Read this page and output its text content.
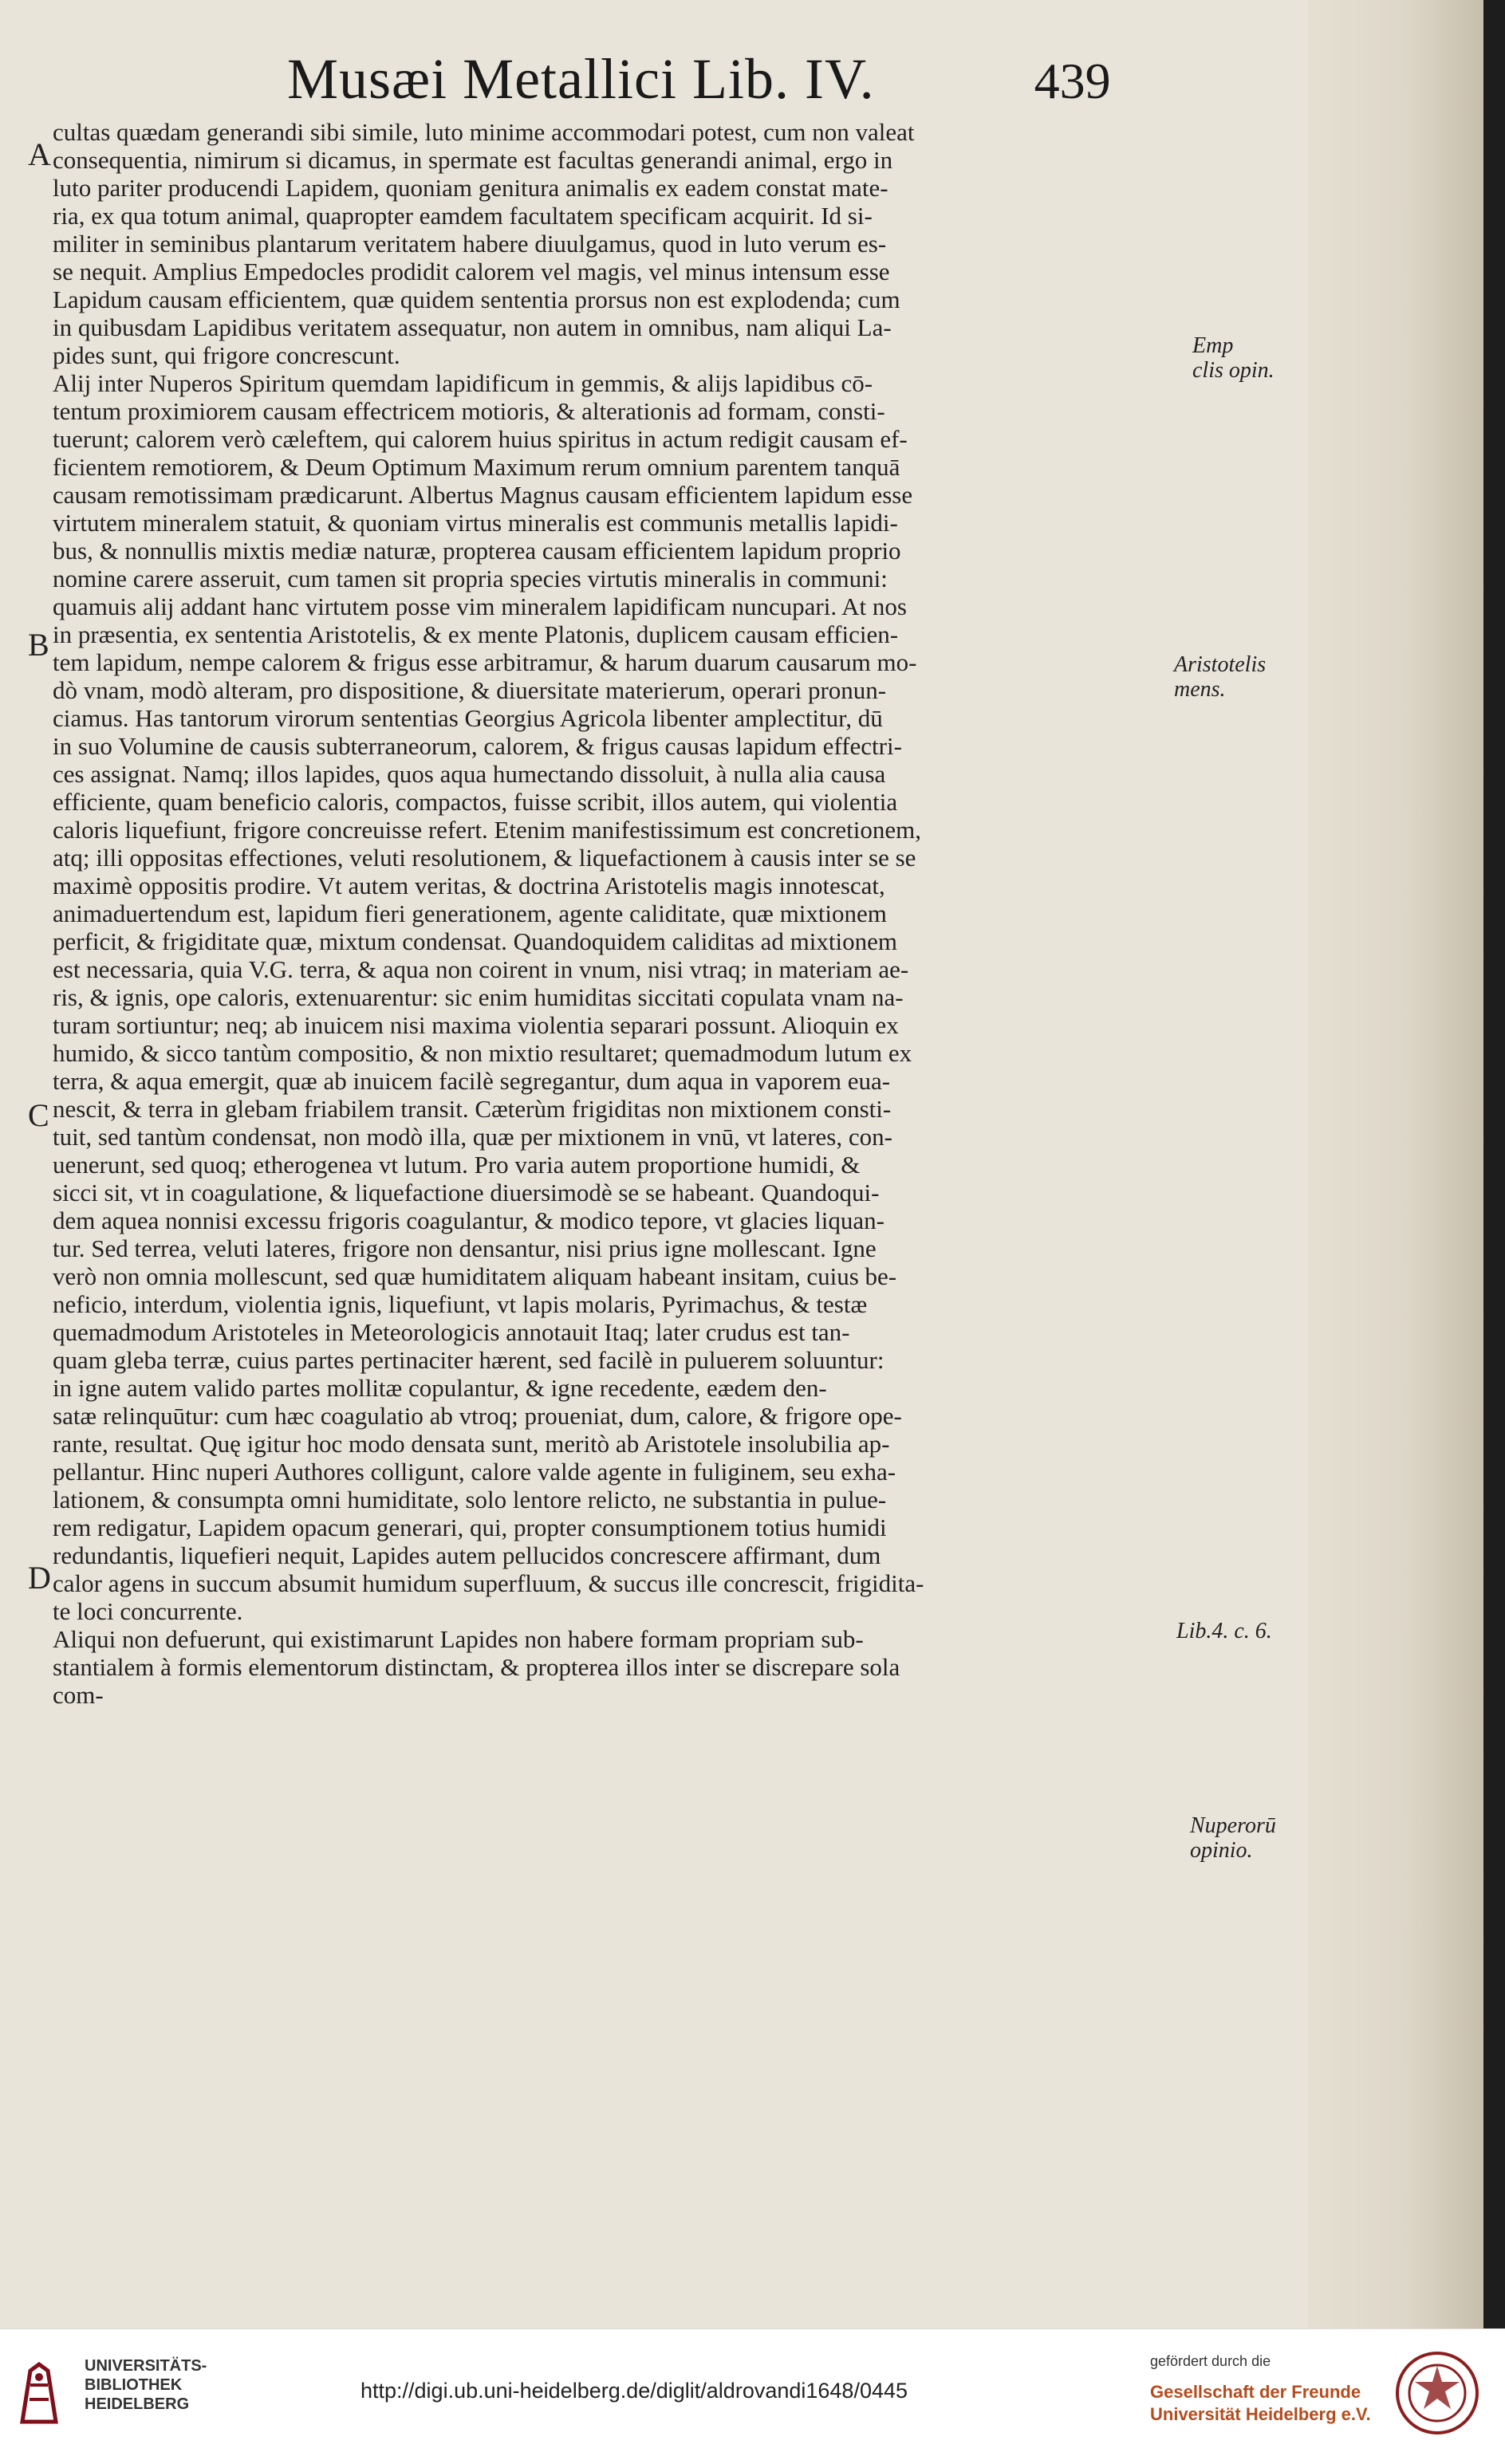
Musæi Metallici Lib. IV.	439
A
B
C
D
cultas quædam generandi sibi simile, luto minime accommodari potest, cum non valeat
consequentia, nimirum si dicamus, in spermate est facultas generandi animal, ergo in
luto pariter producendi Lapidem, quoniam genitura animalis ex eadem constat mate-
ria, ex qua totum animal, quapropter eamdem facultatem specificam acquirit. Id si-
militer in seminibus plantarum veritatem habere diuulgamus, quod in luto verum es-
se nequit. Amplius Empedocles prodidit calorem vel magis, vel minus intensum esse
Lapidum causam efficientem, quæ quidem sententia prorsus non est explodenda; cum
in quibusdam Lapidibus veritatem assequatur, non autem in omnibus, nam aliqui La-
pides sunt, qui frigore concrescunt.
Alij inter Nuperos Spiritum quemdam lapidificum in gemmis, & alijs lapidibus cō-
tentum proximiorem causam effectricem motioris, & alterationis ad formam, consti-
tuerunt; calorem verò cæleftem, qui calorem huius spiritus in actum redigit causam ef-
ficientem remotiorem, & Deum Optimum Maximum rerum omnium parentem tanquā
causam remotissimam prædicarunt. Albertus Magnus causam efficientem lapidum esse
virtutem mineralem statuit, & quoniam virtus mineralis est communis metallis lapidi-
bus, & nonnullis mixtis mediæ naturæ, propterea causam efficientem lapidum proprio
nomine carere asseruit, cum tamen sit propria species virtutis mineralis in communi:
quamuis alij addant hanc virtutem posse vim mineralem lapidificam nuncupari. At nos
in præsentia, ex sententia Aristotelis, & ex mente Platonis, duplicem causam efficien-
tem lapidum, nempe calorem & frigus esse arbitramur, & harum duarum causarum mo-
dò vnam, modò alteram, pro dispositione, & diuersitate materierum, operari pronun-
ciamus. Has tantorum virorum sententias Georgius Agricola libenter amplectitur, dū
in suo Volumine de causis subterraneorum, calorem, & frigus causas lapidum effectri-
ces assignat. Namq; illos lapides, quos aqua humectando dissoluit, à nulla alia causa
efficiente, quam beneficio caloris, compactos, fuisse scribit, illos autem, qui violentia
caloris liquefiunt, frigore concreuisse refert. Etenim manifestissimum est concretionem,
atq; illi oppositas effectiones, veluti resolutionem, & liquefactionem à causis inter se se
maximè oppositis prodire. Vt autem veritas, & doctrina Aristotelis magis innotescat,
animaduertendum est, lapidum fieri generationem, agente caliditate, quæ mixtionem
perficit, & frigiditate quæ, mixtum condensat. Quandoquidem caliditas ad mixtionem
est necessaria, quia V.G. terra, & aqua non coirent in vnum, nisi vtraq; in materiam ae-
ris, & ignis, ope caloris, extenuarentur: sic enim humiditas siccitati copulata vnam na-
turam sortiuntur; neq; ab inuicem nisi maxima violentia separari possunt. Alioquin ex
humido, & sicco tantùm compositio, & non mixtio resultaret; quemadmodum lutum ex
terra, & aqua emergit, quæ ab inuicem facilè segregantur, dum aqua in vaporem eua-
nescit, & terra in glebam friabilem transit. Cæterùm frigiditas non mixtionem consti-
tuit, sed tantùm condensat, non modò illa, quæ per mixtionem in vnū, vt lateres, con-
uenerunt, sed quoq; etherogenea vt lutum. Pro varia autem proportione humidi, &
sicci sit, vt in coagulatione, & liquefactione diuersimodè se se habeant. Quandoqui-
dem aquea nonnisi excessu frigoris coagulantur, & modico tepore, vt glacies liquan-
tur. Sed terrea, veluti lateres, frigore non densantur, nisi prius igne mollescant. Igne
verò non omnia mollescunt, sed quæ humiditatem aliquam habeant insitam, cuius be-
neficio, interdum, violentia ignis, liquefiunt, vt lapis molaris, Pyrimachus, & testæ
quemadmodum Aristoteles in Meteorologicis annotauit Itaq; later crudus est tan-
quam gleba terræ, cuius partes pertinaciter hærent, sed facilè in puluerem soluuntur:
in igne autem valido partes mollitæ copulantur, & igne recedente, eædem den-
satæ relinquūtur: cum hæc coagulatio ab vtroq; proueniat, dum, calore, & frigore ope-
rante, resultat. Quę igitur hoc modo densata sunt, meritò ab Aristotele insolubilia ap-
pellantur. Hinc nuperi Authores colligunt, calore valde agente in fuliginem, seu exha-
lationem, & consumpta omni humiditate, solo lentore relicto, ne substantia in pulue-
rem redigatur, Lapidem opacum generari, qui, propter consumptionem totius humidi
redundantis, liquefieri nequit, Lapides autem pellucidos concrescere affirmant, dum
calor agens in succum absumit humidum superfluum, & succus ille concrescit, frigidita-
te loci concurrente.
Aliqui non defuerunt, qui existimarunt Lapides non habere formam propriam sub-
stantialem à formis elementorum distinctam, & propterea illos inter se discrepare sola
com-
Emp
clis opin.
Aristotelis
mens.
Lib.4. c. 6.
Nuperorū
opinio.
UNIVERSITÄTS-
BIBLIOTHEK
HEIDELBERG
http://digi.ub.uni-heidelberg.de/diglit/aldrovandi1648/0445
gefördert durch die
Gesellschaft der Freunde
Universität Heidelberg e.V.
